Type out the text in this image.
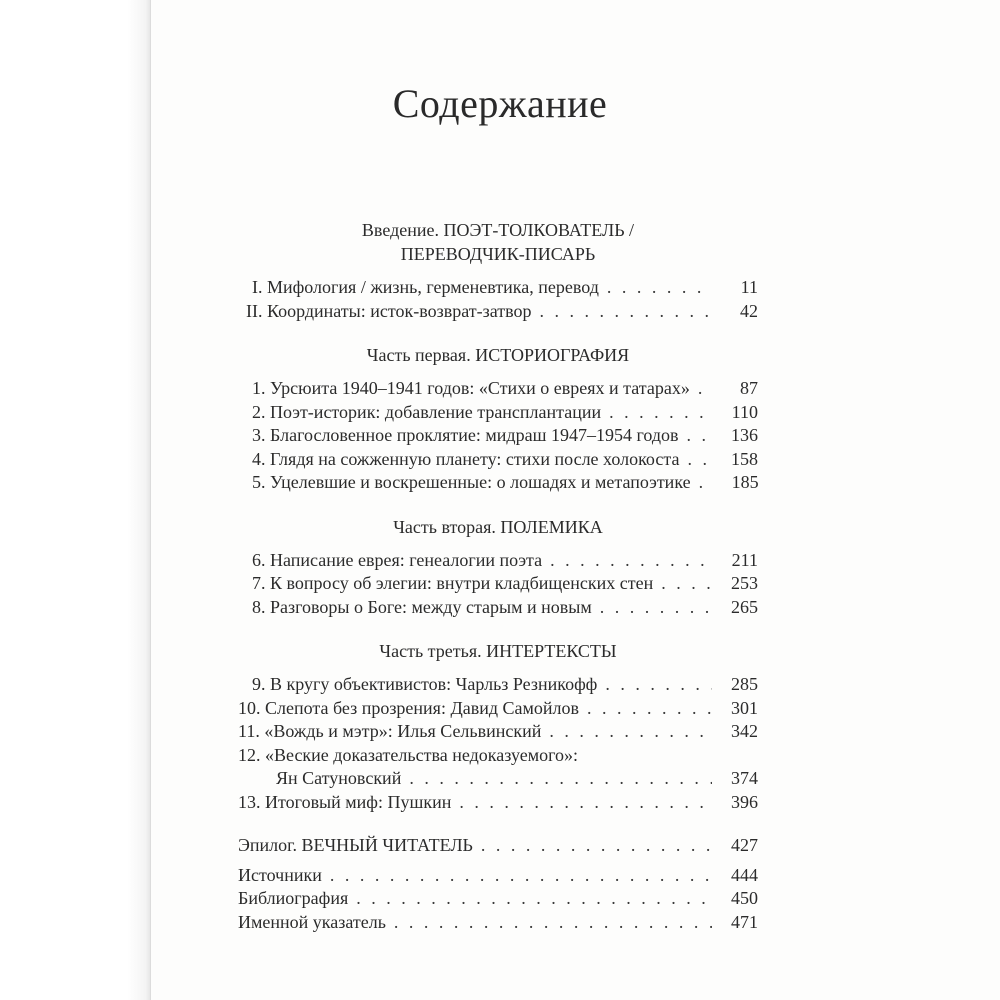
Содержание
Введение. ПОЭТ-ТОЛКОВАТЕЛЬ /
ПЕРЕВОДЧИК-ПИСАРЬ
I. Мифология / жизнь, герменевтика, перевод . . .	11
II. Координаты: исток-возврат-затвор . . .	42
Часть первая. ИСТОРИОГРАФИЯ
1. Урсюита 1940–1941 годов: «Стихи о евреях и татарах» . . .	87
2. Поэт-историк: добавление трансплантации . . .	110
3. Благословенное проклятие: мидраш 1947–1954 годов . . .	136
4. Глядя на сожженную планету: стихи после холокоста . . .	158
5. Уцелевшие и воскрешенные: о лошадях и метапоэтике . . .	185
Часть вторая. ПОЛЕМИКА
6. Написание еврея: генеалогии поэта . . .	211
7. К вопросу об элегии: внутри кладбищенских стен . . .	253
8. Разговоры о Боге: между старым и новым . . .	265
Часть третья. ИНТЕРТЕКСТЫ
9. В кругу объективистов: Чарльз Резникофф . . .	285
10. Слепота без прозрения: Давид Самойлов . . .	301
11. «Вождь и мэтр»: Илья Сельвинский . . .	342
12. «Веские доказательства недоказуемого»:
Ян Сатуновский . . .	374
13. Итоговый миф: Пушкин . . .	396
Эпилог. ВЕЧНЫЙ ЧИТАТЕЛЬ . . .	427
Источники . . .	444
Библиография . . .	450
Именной указатель . . .	471
